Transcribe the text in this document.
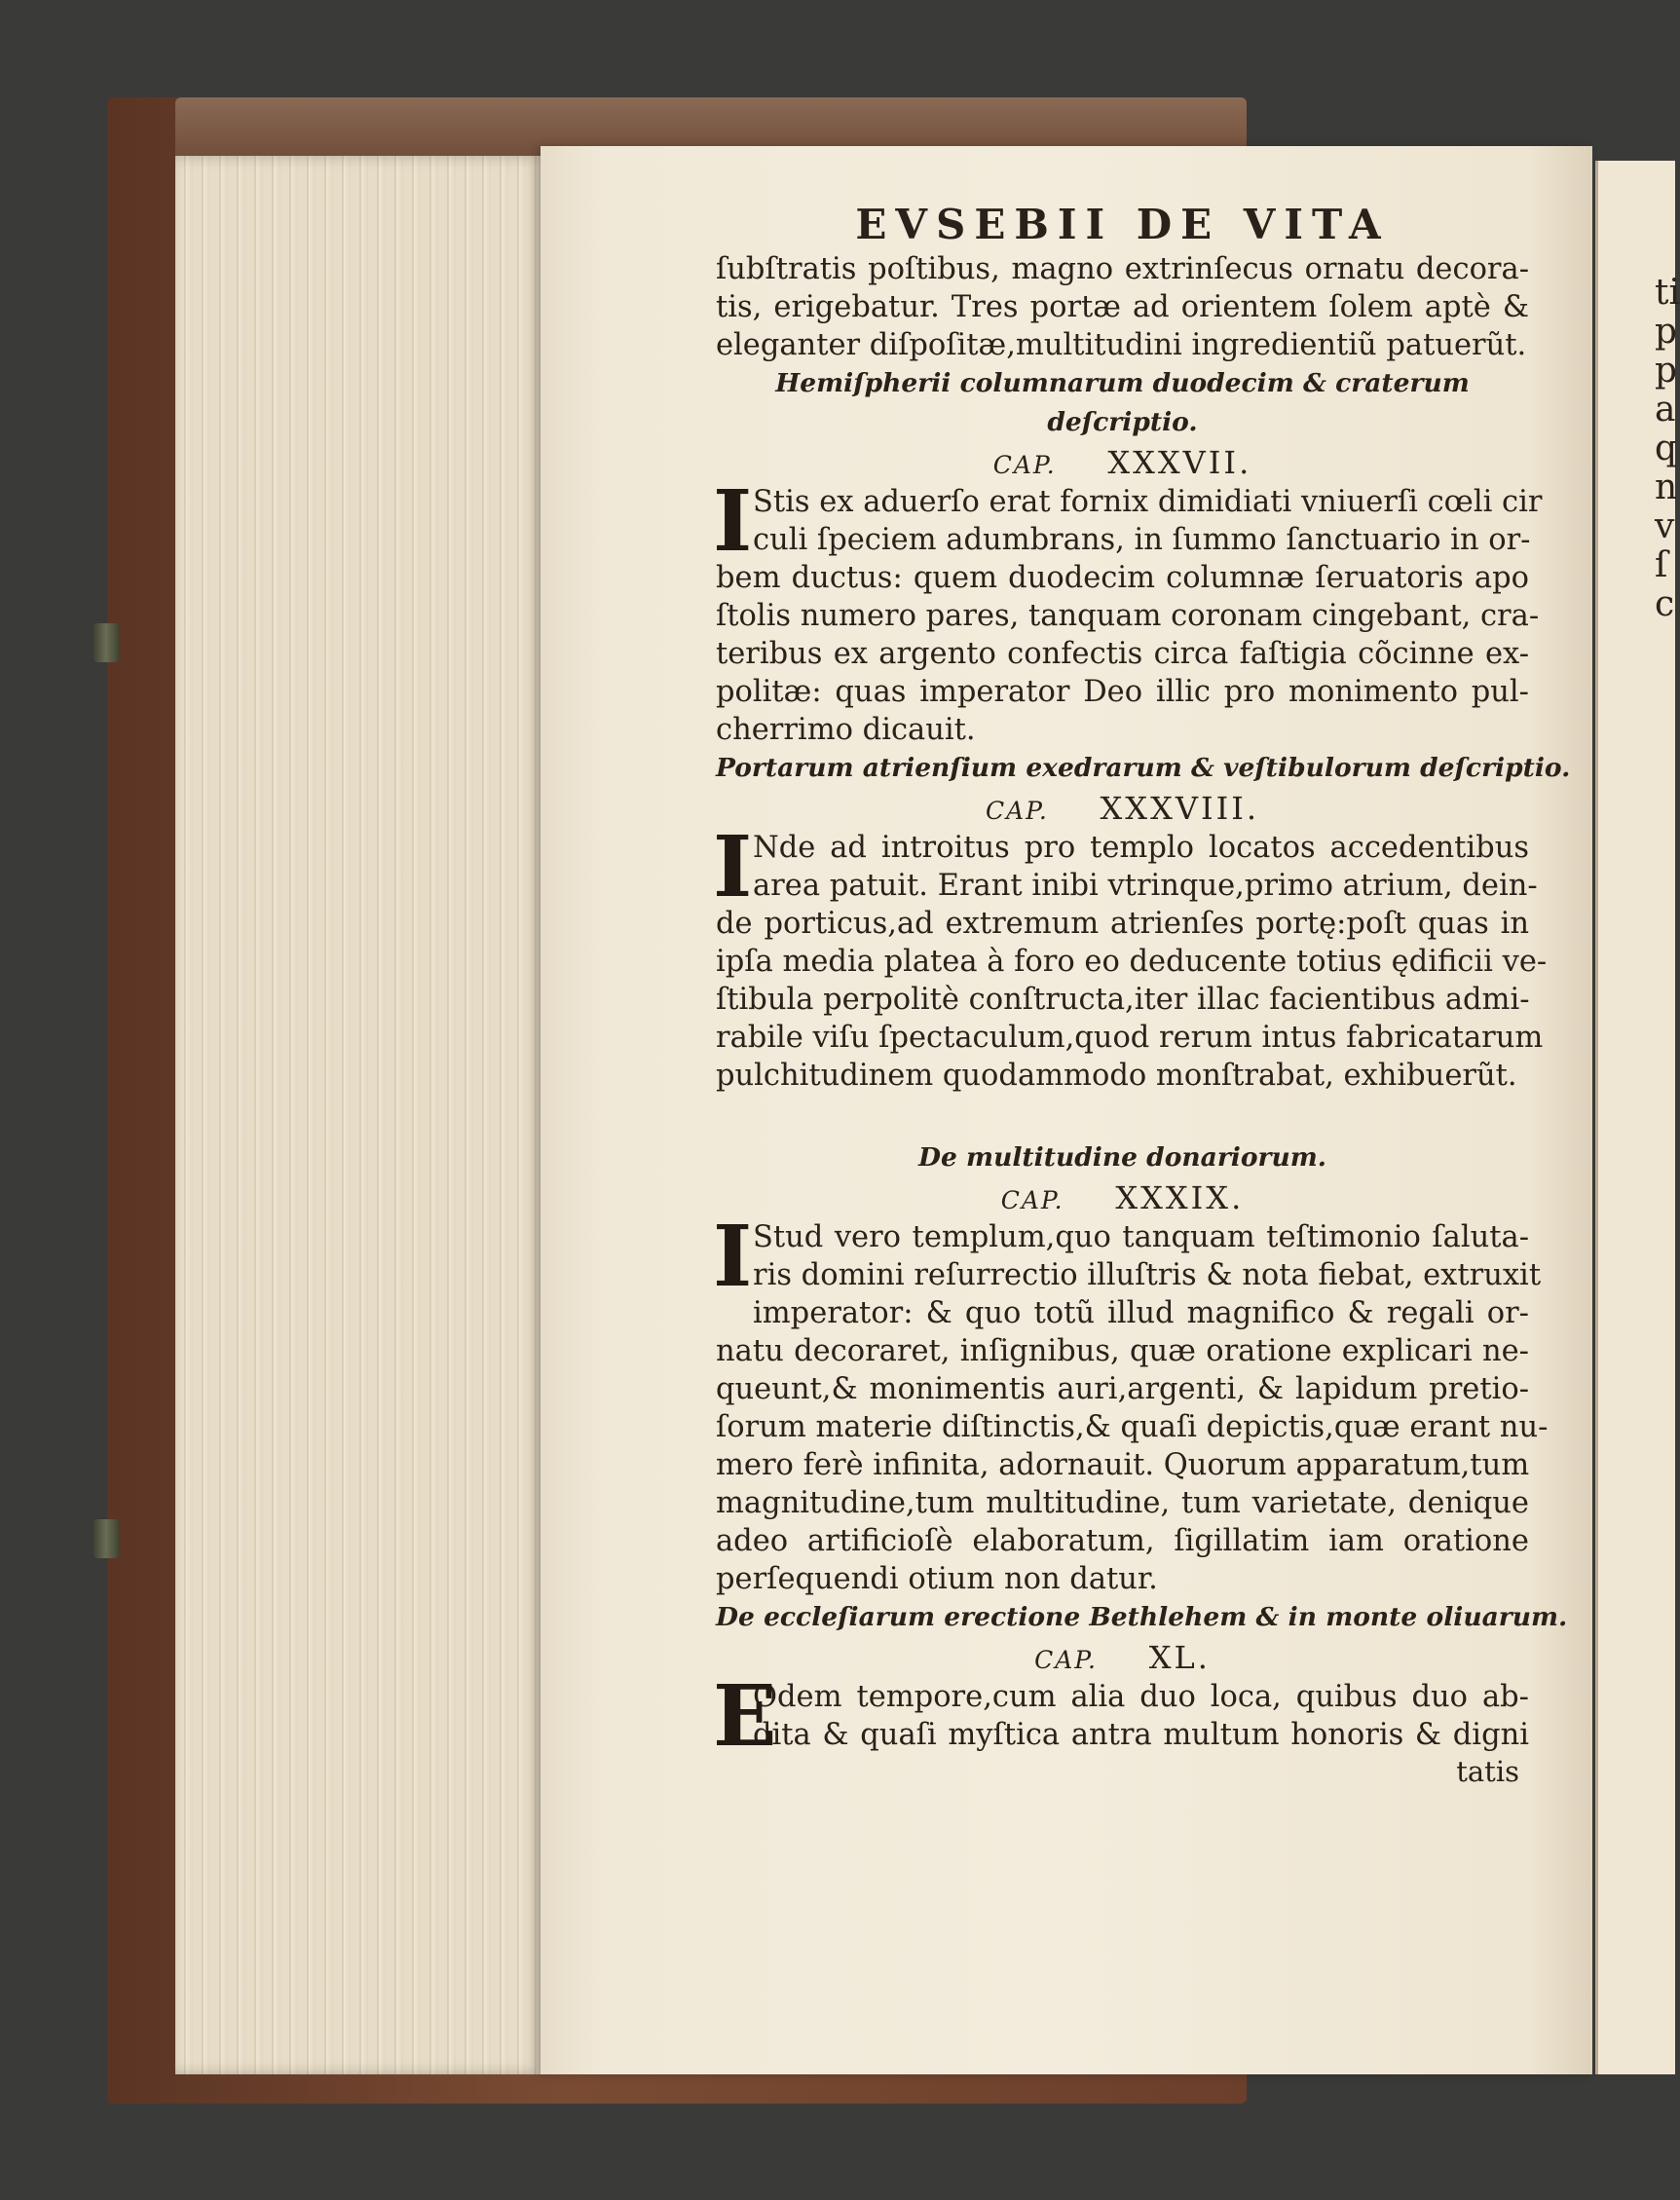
ti
p
p
a
q
n
v
ſ
c
EVSEBII DE VITA
ſubſtratis poſtibus, magno extrinſecus ornatu decora-
tis, erigebatur. Tres portæ ad orientem ſolem aptè &
eleganter diſpoſitæ,multitudini ingredientiũ patuerũt.
Hemiſpherii columnarum duodecim & craterum
deſcriptio.
CAP. XXXVII.
I Stis ex aduerſo erat fornix dimidiati vniuerſi cœli cir
culi ſpeciem adumbrans, in ſummo ſanctuario in or-
bem ductus: quem duodecim columnæ ſeruatoris apo
ſtolis numero pares, tanquam coronam cingebant, cra-
teribus ex argento confectis circa faſtigia cõcinne ex-
politæ: quas imperator Deo illic pro monimento pul-
cherrimo dicauit.
Portarum atrienſium exedrarum & veſtibulorum deſcriptio.
CAP. XXXVIII.
I Nde ad introitus pro templo locatos accedentibus
area patuit. Erant inibi vtrinque,primo atrium, dein-
de porticus,ad extremum atrienſes portę:poſt quas in
ipſa media platea à foro eo deducente totius ędificii ve-
ſtibula perpolitè conſtructa,iter illac facientibus admi-
rabile viſu ſpectaculum,quod rerum intus fabricatarum
pulchitudinem quodammodo monſtrabat, exhibuerũt.
De multitudine donariorum.
CAP. XXXIX.
I Stud vero templum,quo tanquam teſtimonio ſaluta-
ris domini reſurrectio illuſtris & nota fiebat, extruxit
imperator: & quo totũ illud magnifico & regali or-
natu decoraret, inſignibus, quæ oratione explicari ne-
queunt,& monimentis auri,argenti, & lapidum pretio-
ſorum materie diſtinctis,& quaſi depictis,quæ erant nu-
mero ferè infinita, adornauit. Quorum apparatum,tum
magnitudine,tum multitudine, tum varietate, denique
adeo artificioſè elaboratum, ſigillatim iam oratione
perſequendi otium non datur.
De eccleſiarum erectione Bethlehem & in monte oliuarum.
CAP. XL.
E
Odem tempore,cum alia duo loca, quibus duo ab-
dita & quaſi myſtica antra multum honoris & digni
tatis
